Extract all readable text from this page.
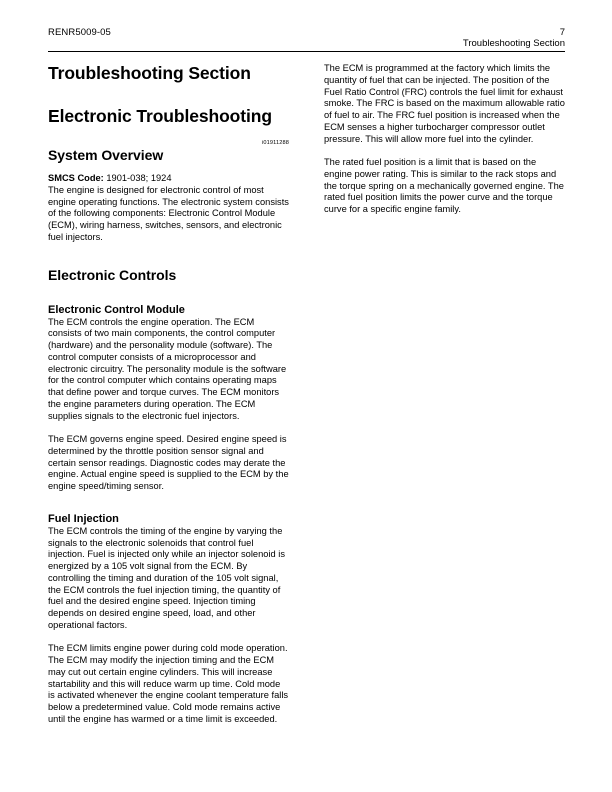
RENR5009-05	7
Troubleshooting Section
Troubleshooting Section
Electronic Troubleshooting
i01911288
System Overview

SMCS Code: 1901-038; 1924

The engine is designed for electronic control of most engine operating functions. The electronic system consists of the following components: Electronic Control Module (ECM), wiring harness, switches, sensors, and electronic fuel injectors.

Electronic Controls
Electronic Control Module

The ECM controls the engine operation. The ECM consists of two main components, the control computer (hardware) and the personality module (software). The control computer consists of a microprocessor and electronic circuitry. The personality module is the software for the control computer which contains operating maps that define power and torque curves. The ECM monitors the engine parameters during operation. The ECM supplies signals to the electronic fuel injectors.

The ECM governs engine speed. Desired engine speed is determined by the throttle position sensor signal and certain sensor readings. Diagnostic codes may derate the engine. Actual engine speed is supplied to the ECM by the engine speed/timing sensor.

Fuel Injection

The ECM controls the timing of the engine by varying the signals to the electronic solenoids that control fuel injection. Fuel is injected only while an injector solenoid is energized by a 105 volt signal from the ECM. By controlling the timing and duration of the 105 volt signal, the ECM controls the fuel injection timing, the quantity of fuel and the desired engine speed. Injection timing depends on desired engine speed, load, and other operational factors.

The ECM limits engine power during cold mode operation. The ECM may modify the injection timing and the ECM may cut out certain engine cylinders. This will increase startability and this will reduce warm up time. Cold mode is activated whenever the engine coolant temperature falls below a predetermined value. Cold mode remains active until the engine has warmed or a time limit is exceeded.

The ECM is programmed at the factory which limits the quantity of fuel that can be injected. The position of the Fuel Ratio Control (FRC) controls the fuel limit for exhaust smoke. The FRC is based on the maximum allowable ratio of fuel to air. The FRC fuel position is increased when the ECM senses a higher turbocharger compressor outlet pressure. This will allow more fuel into the cylinder.

The rated fuel position is a limit that is based on the engine power rating. This is similar to the rack stops and the torque spring on a mechanically governed engine. The rated fuel position limits the power curve and the torque curve for a specific engine family.
